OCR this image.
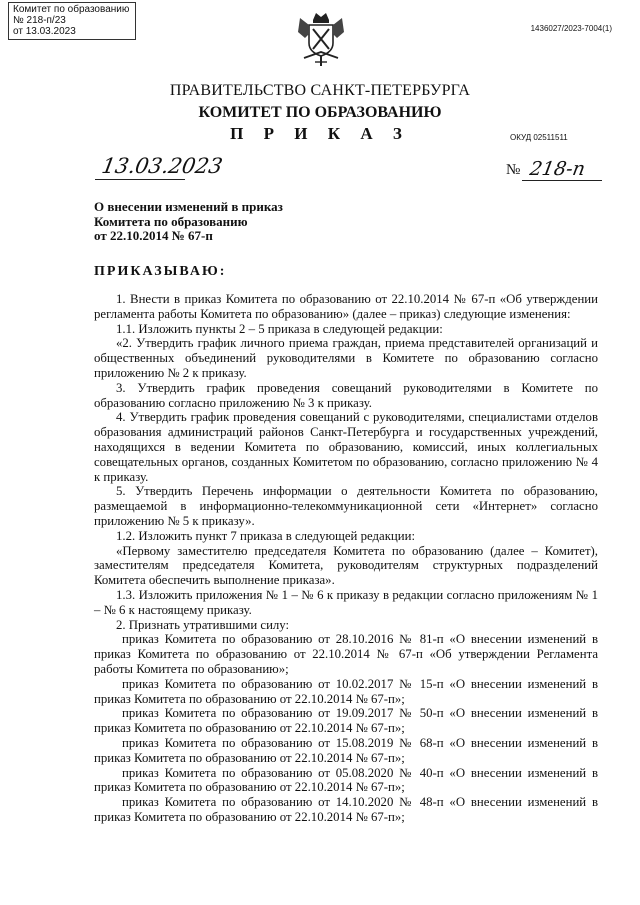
Комитет по образованию
№ 218-п/23
от 13.03.2023	1436027/2023-7004(1)
ПРАВИТЕЛЬСТВО САНКТ-ПЕТЕРБУРГА
КОМИТЕТ ПО ОБРАЗОВАНИЮ
П Р И К А З	ОКУД 02511511
13.03.2023	№ 218-п
О внесении изменений в приказ
Комитета по образованию
от 22.10.2014 № 67-п
ПРИКАЗЫВАЮ:

1. Внести в приказ Комитета по образованию от 22.10.2014 № 67-п «Об утверждении регламента работы Комитета по образованию» (далее – приказ) следующие изменения:

1.1. Изложить пункты 2 – 5 приказа в следующей редакции:

«2. Утвердить график личного приема граждан, приема представителей организаций и общественных объединений руководителями в Комитете по образованию согласно приложению № 2 к приказу.

3. Утвердить график проведения совещаний руководителями в Комитете по образованию согласно приложению № 3 к приказу.

4. Утвердить график проведения совещаний с руководителями, специалистами отделов образования администраций районов Санкт-Петербурга и государственных учреждений, находящихся в ведении Комитета по образованию, комиссий, иных коллегиальных совещательных органов, созданных Комитетом по образованию, согласно приложению № 4 к приказу.

5. Утвердить Перечень информации о деятельности Комитета по образованию, размещаемой в информационно-телекоммуникационной сети «Интернет» согласно приложению № 5 к приказу».

1.2. Изложить пункт 7 приказа в следующей редакции:

«Первому заместителю председателя Комитета по образованию (далее – Комитет), заместителям председателя Комитета, руководителям структурных подразделений Комитета обеспечить выполнение приказа».

1.3. Изложить приложения № 1 – № 6 к приказу в редакции согласно приложениям № 1 – № 6 к настоящему приказу.

2. Признать утратившими силу:

приказ Комитета по образованию от 28.10.2016 № 81-п «О внесении изменений в приказ Комитета по образованию от 22.10.2014 № 67-п «Об утверждении Регламента работы Комитета по образованию»;

приказ Комитета по образованию от 10.02.2017 № 15-п «О внесении изменений в приказ Комитета по образованию от 22.10.2014 № 67-п»;

приказ Комитета по образованию от 19.09.2017 № 50-п «О внесении изменений в приказ Комитета по образованию от 22.10.2014 № 67-п»;

приказ Комитета по образованию от 15.08.2019 № 68-п «О внесении изменений в приказ Комитета по образованию от 22.10.2014 № 67-п»;

приказ Комитета по образованию от 05.08.2020 № 40-п «О внесении изменений в приказ Комитета по образованию от 22.10.2014 № 67-п»;

приказ Комитета по образованию от 14.10.2020 № 48-п «О внесении изменений в приказ Комитета по образованию от 22.10.2014 № 67-п»;
